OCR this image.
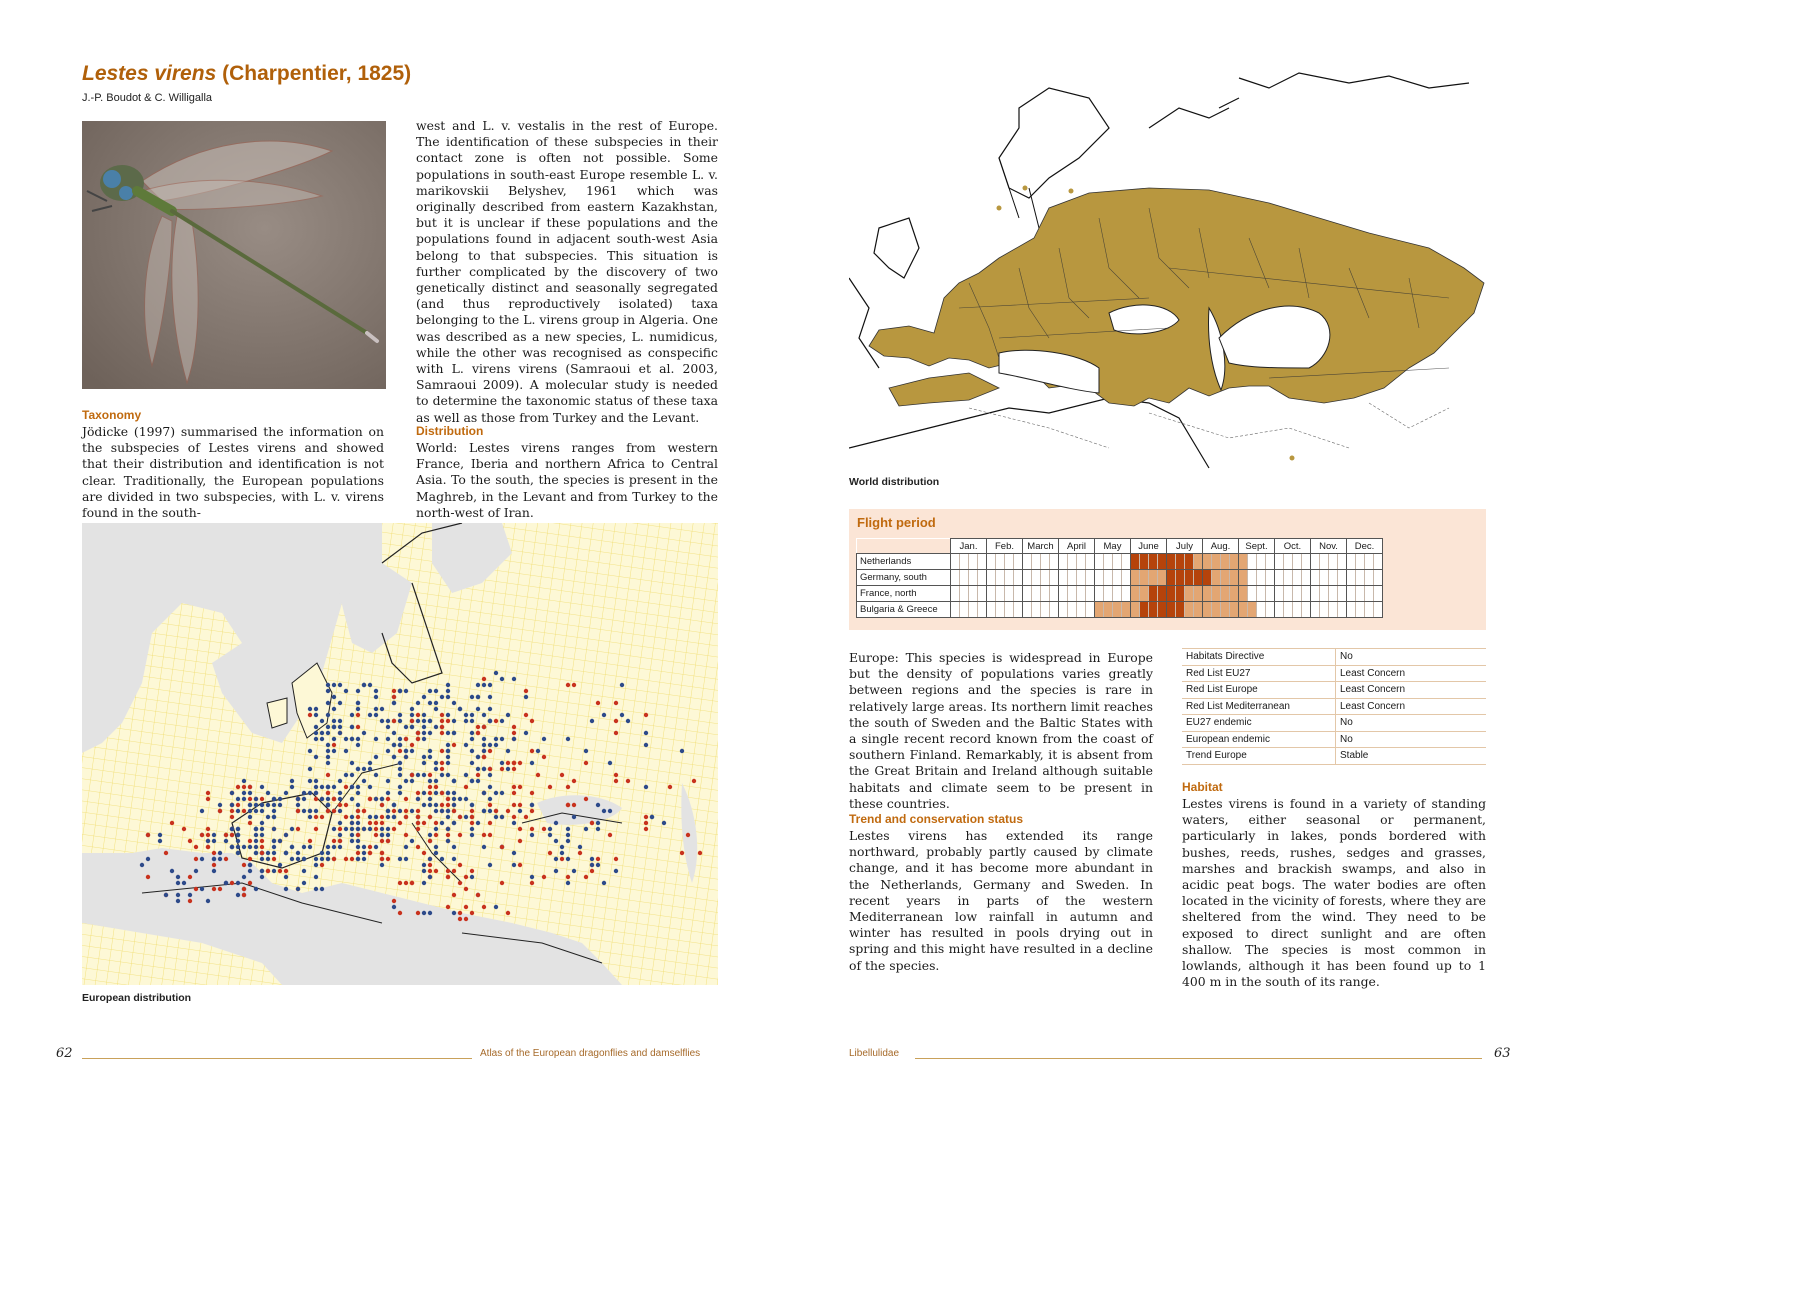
Lestes virens (Charpentier, 1825)
J.-P. Boudot & C. Willigalla
west and L. v. vestalis in the rest of Europe. The identification of these subspecies in their contact zone is often not possible. Some populations in south-east Europe resemble L. v. marikovskii Belyshev, 1961 which was originally described from eastern Kazakhstan, but it is unclear if these populations and the populations found in adjacent south-west Asia belong to that subspecies. This situation is further complicated by the discovery of two genetically distinct and seasonally segregated (and thus reproductively isolated) taxa belonging to the L. virens group in Algeria. One was described as a new species, L. numidicus, while the other was recognised as conspecific with L. virens virens (Samraoui et al. 2003, Samraoui 2009). A molecular study is needed to determine the taxonomic status of these taxa as well as those from Turkey and the Levant.
Taxonomy
Jödicke (1997) summarised the information on the subspecies of Lestes virens and showed that their distribution and identification is not clear. Traditionally, the European populations are divided in two subspecies, with L. v. virens found in the south-
Distribution
World: Lestes virens ranges from western France, Iberia and northern Africa to Central Asia. To the south, the species is present in the Maghreb, in the Levant and from Turkey to the north-west of Iran.
European distribution
World distribution
Flight period
	Jan.				Feb.				March				April				May				June				July				Aug.				Sept.				Oct.				Nov.				Dec.			
Netherlands																																																
Germany, south																																																
France, north																																																
Bulgaria & Greece																																																
Europe: This species is widespread in Europe but the density of populations varies greatly between regions and the species is rare in relatively large areas. Its northern limit reaches the south of Sweden and the Baltic States with a single recent record known from the coast of southern Finland. Remarkably, it is absent from the Great Britain and Ireland although suitable habitats and climate seem to be present in these countries.
Trend and conservation status
Lestes virens has extended its range northward, probably partly caused by climate change, and it has become more abundant in the Netherlands, Germany and Sweden. In recent years in parts of the western Mediterranean low rainfall in autumn and winter has resulted in pools drying out in spring and this might have resulted in a decline of the species.
Habitats Directive	No
Red List EU27	Least Concern
Red List Europe	Least Concern
Red List Mediterranean	Least Concern
EU27 endemic	No
European endemic	No
Trend Europe	Stable
Habitat
Lestes virens is found in a variety of standing waters, either seasonal or permanent, particularly in lakes, ponds bordered with bushes, reeds, rushes, sedges and grasses, marshes and brackish swamps, and also in acidic peat bogs. The water bodies are often located in the vicinity of forests, where they are sheltered from the wind. They need to be exposed to direct sunlight and are often shallow. The species is most common in lowlands, although it has been found up to 1 400 m in the south of its range.
62	Atlas of the European dragonflies and damselflies	Libellulidae	63
